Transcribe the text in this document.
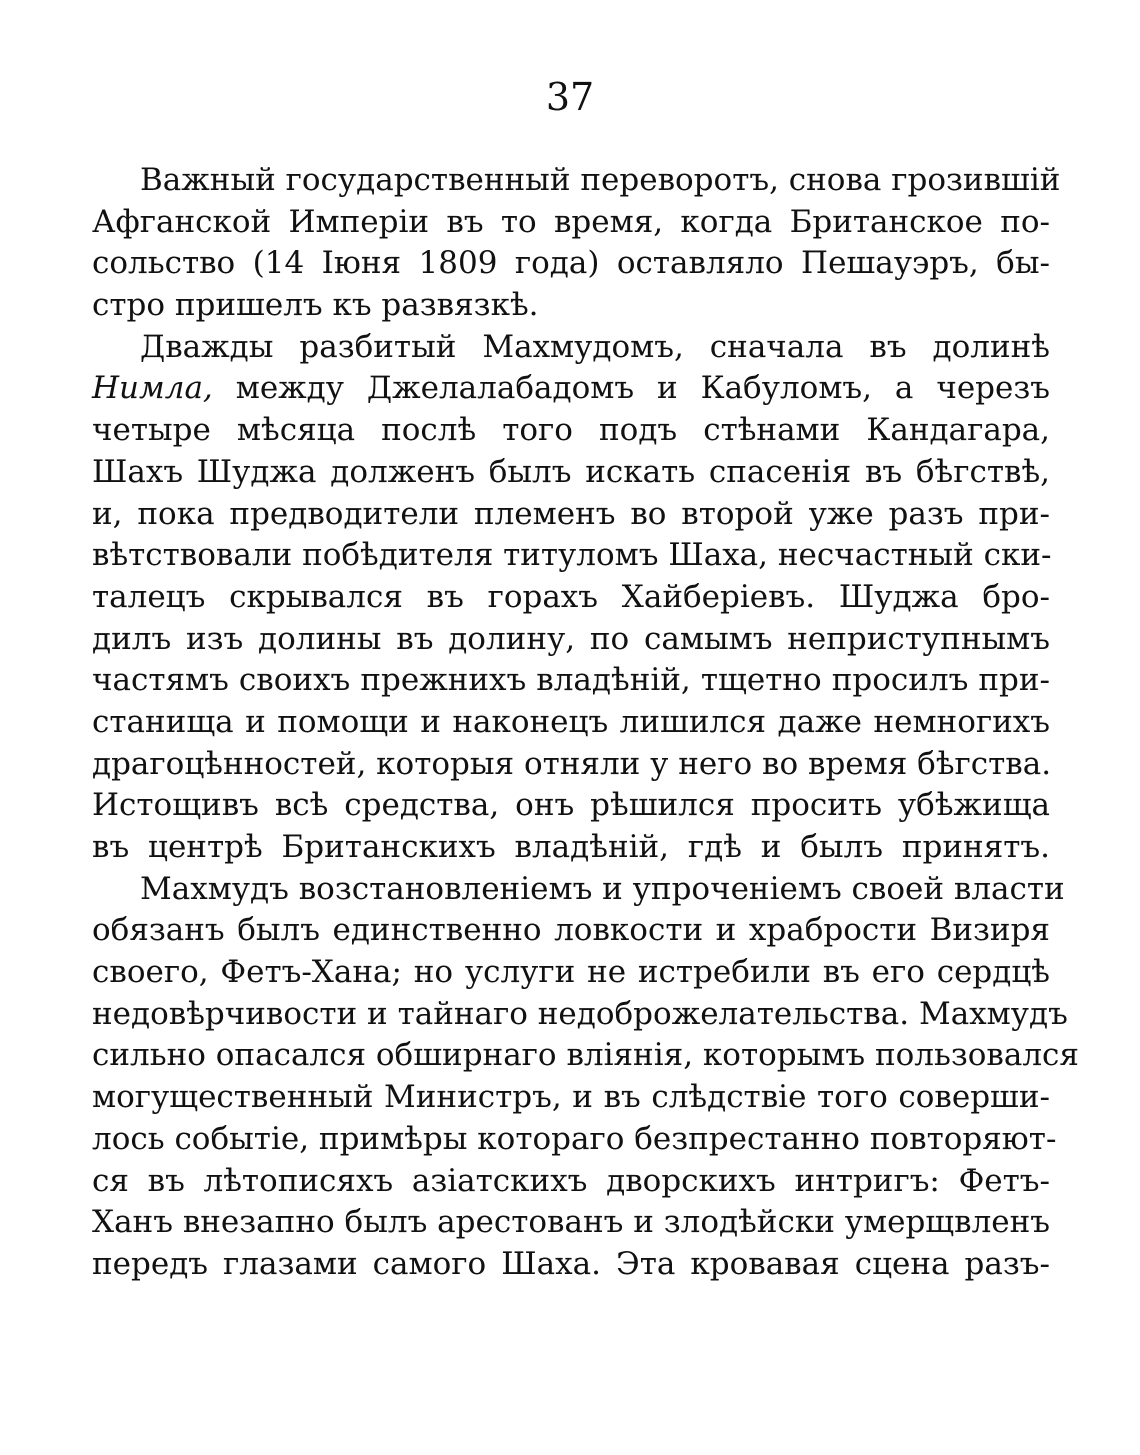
37
Важный государственный переворотъ, снова грозившій
Афганской Имперіи въ то время, когда Британское по-
сольство (14 Іюня 1809 года) оставляло Пешауэръ, бы-
стро пришелъ къ развязкѣ.
Дважды разбитый Махмудомъ, сначала въ долинѣ
Нимла, между Джелалабадомъ и Кабуломъ, а черезъ
четыре мѣсяца послѣ того подъ стѣнами Кандагара,
Шахъ Шуджа долженъ былъ искать спасенія въ бѣгствѣ,
и, пока предводители племенъ во второй уже разъ при-
вѣтствовали побѣдителя титуломъ Шаха, несчастный ски-
талецъ скрывался въ горахъ Хайберіевъ. Шуджа бро-
дилъ изъ долины въ долину, по самымъ неприступнымъ
частямъ своихъ прежнихъ владѣній, тщетно просилъ при-
станища и помощи и наконецъ лишился даже немногихъ
драгоцѣнностей, которыя отняли у него во время бѣгства.
Истощивъ всѣ средства, онъ рѣшился просить убѣжища
въ центрѣ Британскихъ владѣній, гдѣ и былъ принятъ.
Махмудъ возстановленіемъ и упроченіемъ своей власти
обязанъ былъ единственно ловкости и храбрости Визиря
своего, Фетъ-Хана; но услуги не истребили въ его сердцѣ
недовѣрчивости и тайнаго недоброжелательства. Махмудъ
сильно опасался обширнаго вліянія, которымъ пользовался
могущественный Министръ, и въ слѣдствіе того соверши-
лось событіе, примѣры котораго безпрестанно повторяют-
ся въ лѣтописяхъ азіатскихъ дворскихъ интригъ: Фетъ-
Ханъ внезапно былъ арестованъ и злодѣйски умерщвленъ
передъ глазами самого Шаха. Эта кровавая сцена разъ-
